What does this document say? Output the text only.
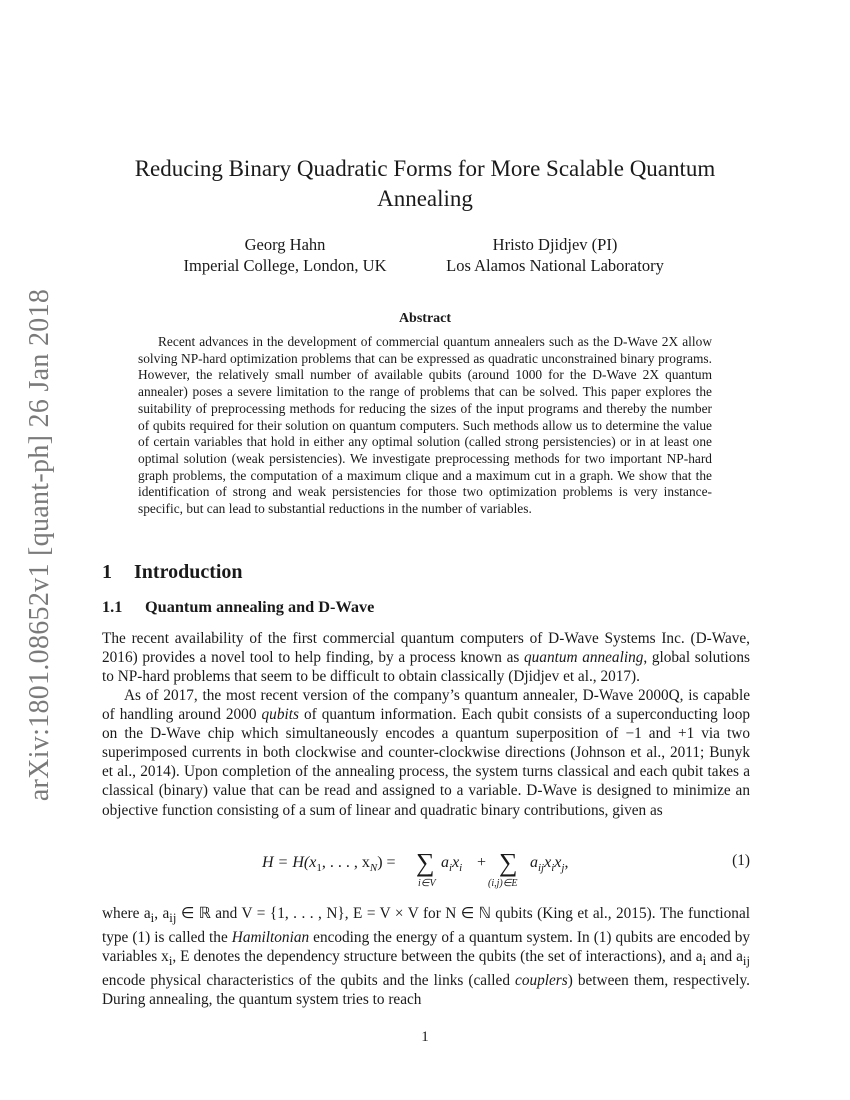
arXiv:1801.08652v1 [quant-ph] 26 Jan 2018
Reducing Binary Quadratic Forms for More Scalable Quantum
Annealing
Georg Hahn
Imperial College, London, UK
Hristo Djidjev (PI)
Los Alamos National Laboratory
Abstract

Recent advances in the development of commercial quantum annealers such as the D-Wave 2X allow solving NP-hard optimization problems that can be expressed as quadratic unconstrained binary programs. However, the relatively small number of available qubits (around 1000 for the D-Wave 2X quantum annealer) poses a severe limitation to the range of problems that can be solved. This paper explores the suitability of preprocessing methods for reducing the sizes of the input programs and thereby the number of qubits required for their solution on quantum computers. Such methods allow us to determine the value of certain variables that hold in either any optimal solution (called strong persistencies) or in at least one optimal solution (weak persistencies). We investigate preprocessing methods for two important NP-hard graph problems, the computation of a maximum clique and a maximum cut in a graph. We show that the identification of strong and weak persistencies for those two optimization problems is very instance-specific, but can lead to substantial reductions in the number of variables.

1 Introduction
1.1 Quantum annealing and D-Wave

The recent availability of the first commercial quantum computers of D-Wave Systems Inc. (D-Wave, 2016) provides a novel tool to help finding, by a process known as quantum annealing, global solutions to NP-hard problems that seem to be difficult to obtain classically (Djidjev et al., 2017).

As of 2017, the most recent version of the company’s quantum annealer, D-Wave 2000Q, is capable of handling around 2000 qubits of quantum information. Each qubit consists of a superconducting loop on the D-Wave chip which simultaneously encodes a quantum superposition of −1 and +1 via two superimposed currents in both clockwise and counter-clockwise directions (Johnson et al., 2011; Bunyk et al., 2014). Upon completion of the annealing process, the system turns classical and each qubit takes a classical (binary) value that can be read and assigned to a variable. D-Wave is designed to minimize an objective function consisting of a sum of linear and quadratic binary contributions, given as

$H = H(x_1$, . . . , $x_N$) = ∑
i∈V
$a_ix_i$ + ∑
(i,j)∈E
$a_{ij}x_ix_j$,	(1)

where $a_i$, $a_{ij}$ ∈ ℝ and V = {1, . . . , N}, E = V × V for N ∈ ℕ qubits (King et al., 2015). The functional type (1) is called the Hamiltonian encoding the energy of a quantum system. In (1) qubits are encoded by variables $x_i$, E denotes the dependency structure between the qubits (the set of interactions), and $a_i$ and $a_{ij}$ encode physical characteristics of the qubits and the links (called couplers) between them, respectively. During annealing, the quantum system tries to reach

1
